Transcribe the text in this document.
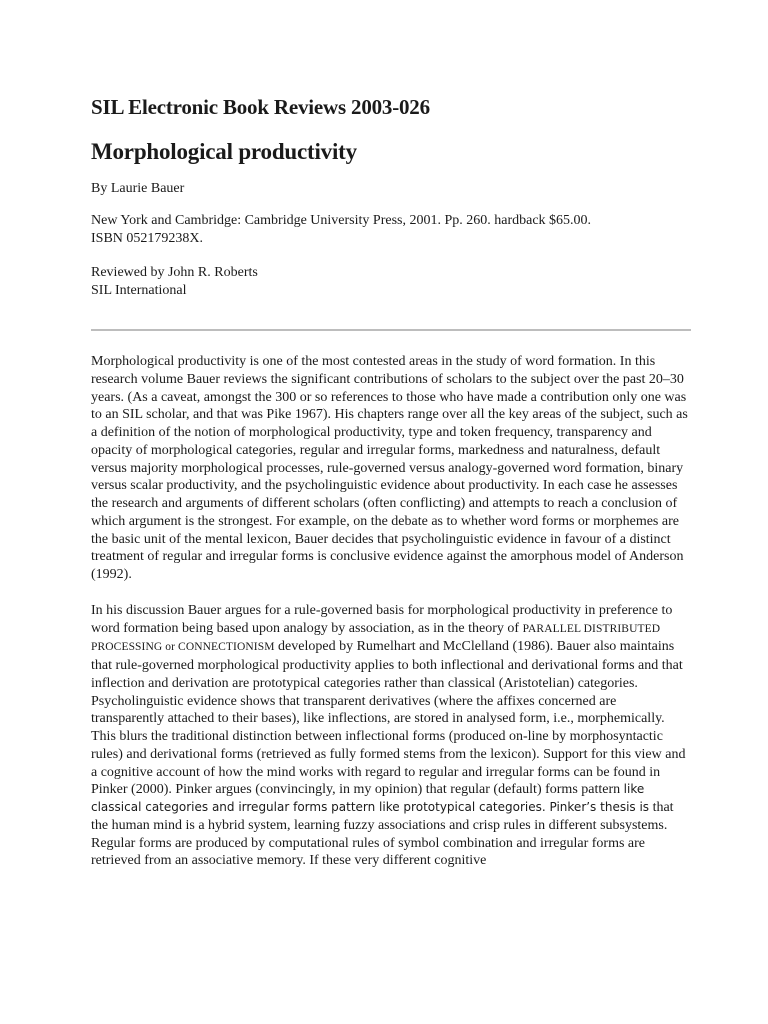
SIL Electronic Book Reviews 2003-026
Morphological productivity

By Laurie Bauer

New York and Cambridge: Cambridge University Press, 2001. Pp. 260. hardback $65.00.
ISBN 052179238X.
Reviewed by John R. Roberts
SIL International

Morphological productivity is one of the most contested areas in the study of word formation. In this research volume Bauer reviews the significant contributions of scholars to the subject over the past 20–30 years. (As a caveat, amongst the 300 or so references to those who have made a contribution only one was to an SIL scholar, and that was Pike 1967). His chapters range over all the key areas of the subject, such as a definition of the notion of morphological productivity, type and token frequency, transparency and opacity of morphological categories, regular and irregular forms, markedness and naturalness, default versus majority morphological processes, rule-governed versus analogy-governed word formation, binary versus scalar productivity, and the psycholinguistic evidence about productivity. In each case he assesses the research and arguments of different scholars (often conflicting) and attempts to reach a conclusion of which argument is the strongest. For example, on the debate as to whether word forms or morphemes are the basic unit of the mental lexicon, Bauer decides that psycholinguistic evidence in favour of a distinct treatment of regular and irregular forms is conclusive evidence against the amorphous model of Anderson (1992).

In his discussion Bauer argues for a rule-governed basis for morphological productivity in preference to word formation being based upon analogy by association, as in the theory of PARALLEL DISTRIBUTED PROCESSING or CONNECTIONISM developed by Rumelhart and McClelland (1986). Bauer also maintains that rule-governed morphological productivity applies to both inflectional and derivational forms and that inflection and derivation are prototypical categories rather than classical (Aristotelian) categories. Psycholinguistic evidence shows that transparent derivatives (where the affixes concerned are transparently attached to their bases), like inflections, are stored in analysed form, i.e., morphemically. This blurs the traditional distinction between inflectional forms (produced on-line by morphosyntactic rules) and derivational forms (retrieved as fully formed stems from the lexicon). Support for this view and a cognitive account of how the mind works with regard to regular and irregular forms can be found in Pinker (2000). Pinker argues (convincingly, in my opinion) that regular (default) forms pattern like classical categories and irregular forms pattern like prototypical categories. Pinker’s thesis is that the human mind is a hybrid system, learning fuzzy associations and crisp rules in different subsystems. Regular forms are produced by computational rules of symbol combination and irregular forms are retrieved from an associative memory. If these very different cognitive
